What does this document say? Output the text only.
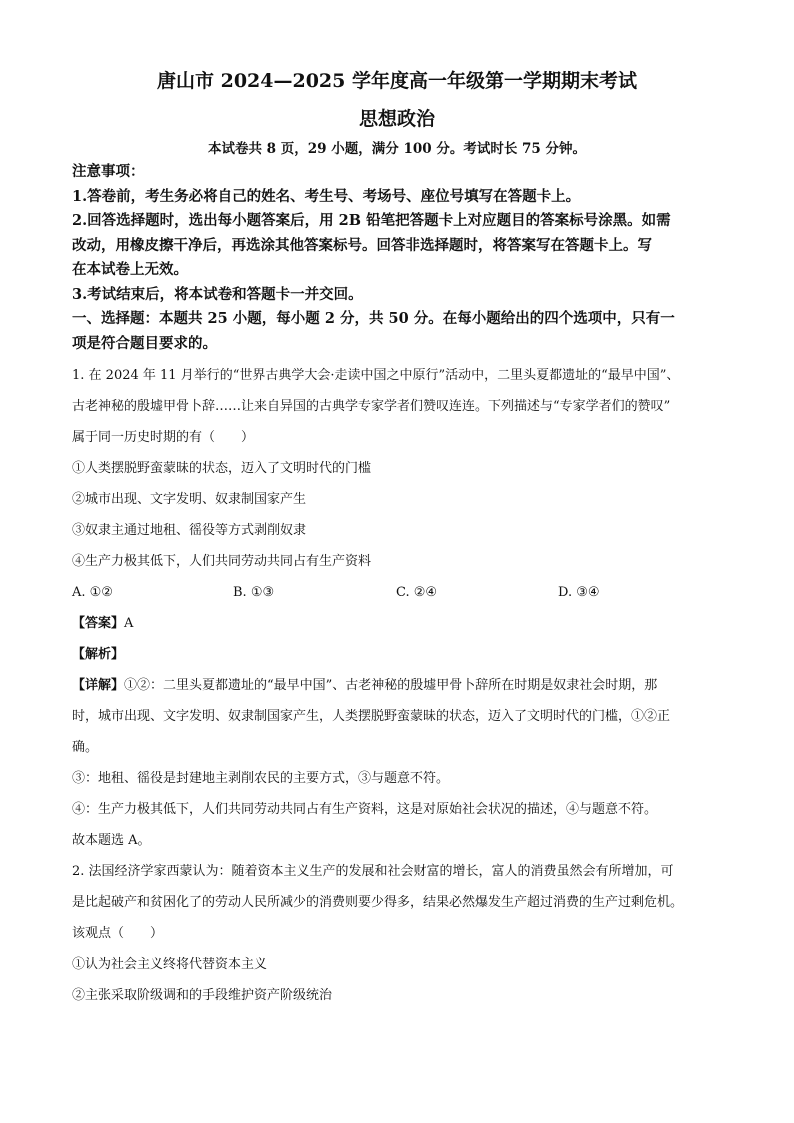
唐山市 2024—2025 学年度高一年级第一学期期末考试

思想政治

本试卷共 8 页，29 小题，满分 100 分。考试时长 75 分钟。

注意事项：

1.答卷前，考生务必将自己的姓名、考生号、考场号、座位号填写在答题卡上。

2.回答选择题时，选出每小题答案后，用 2B 铅笔把答题卡上对应题目的答案标号涂黑。如需

改动，用橡皮擦干净后，再选涂其他答案标号。回答非选择题时，将答案写在答题卡上。写

在本试卷上无效。

3.考试结束后，将本试卷和答题卡一并交回。

一、选择题：本题共 25 小题，每小题 2 分，共 50 分。在每小题给出的四个选项中，只有一

项是符合题目要求的。

1. 在 2024 年 11 月举行的“世界古典学大会·走读中国之中原行”活动中，二里头夏都遗址的“最早中国”、

古老神秘的殷墟甲骨卜辞……让来自异国的古典学专家学者们赞叹连连。下列描述与“专家学者们的赞叹”

属于同一历史时期的有（　　）

①人类摆脱野蛮蒙昧的状态，迈入了文明时代的门槛

②城市出现、文字发明、奴隶制国家产生

③奴隶主通过地租、徭役等方式剥削奴隶

④生产力极其低下，人们共同劳动共同占有生产资料

A. ①②	B. ①③	C. ②④	D. ③④

【答案】A

【解析】

【详解】①②：二里头夏都遗址的“最早中国”、古老神秘的殷墟甲骨卜辞所在时期是奴隶社会时期，那

时，城市出现、文字发明、奴隶制国家产生，人类摆脱野蛮蒙昧的状态，迈入了文明时代的门槛，①②正

确。

③：地租、徭役是封建地主剥削农民的主要方式，③与题意不符。

④：生产力极其低下，人们共同劳动共同占有生产资料，这是对原始社会状况的描述，④与题意不符。

故本题选 A。

2. 法国经济学家西蒙认为：随着资本主义生产的发展和社会财富的增长，富人的消费虽然会有所增加，可

是比起破产和贫困化了的劳动人民所减少的消费则要少得多，结果必然爆发生产超过消费的生产过剩危机。

该观点（　　）

①认为社会主义终将代替资本主义

②主张采取阶级调和的手段维护资产阶级统治
